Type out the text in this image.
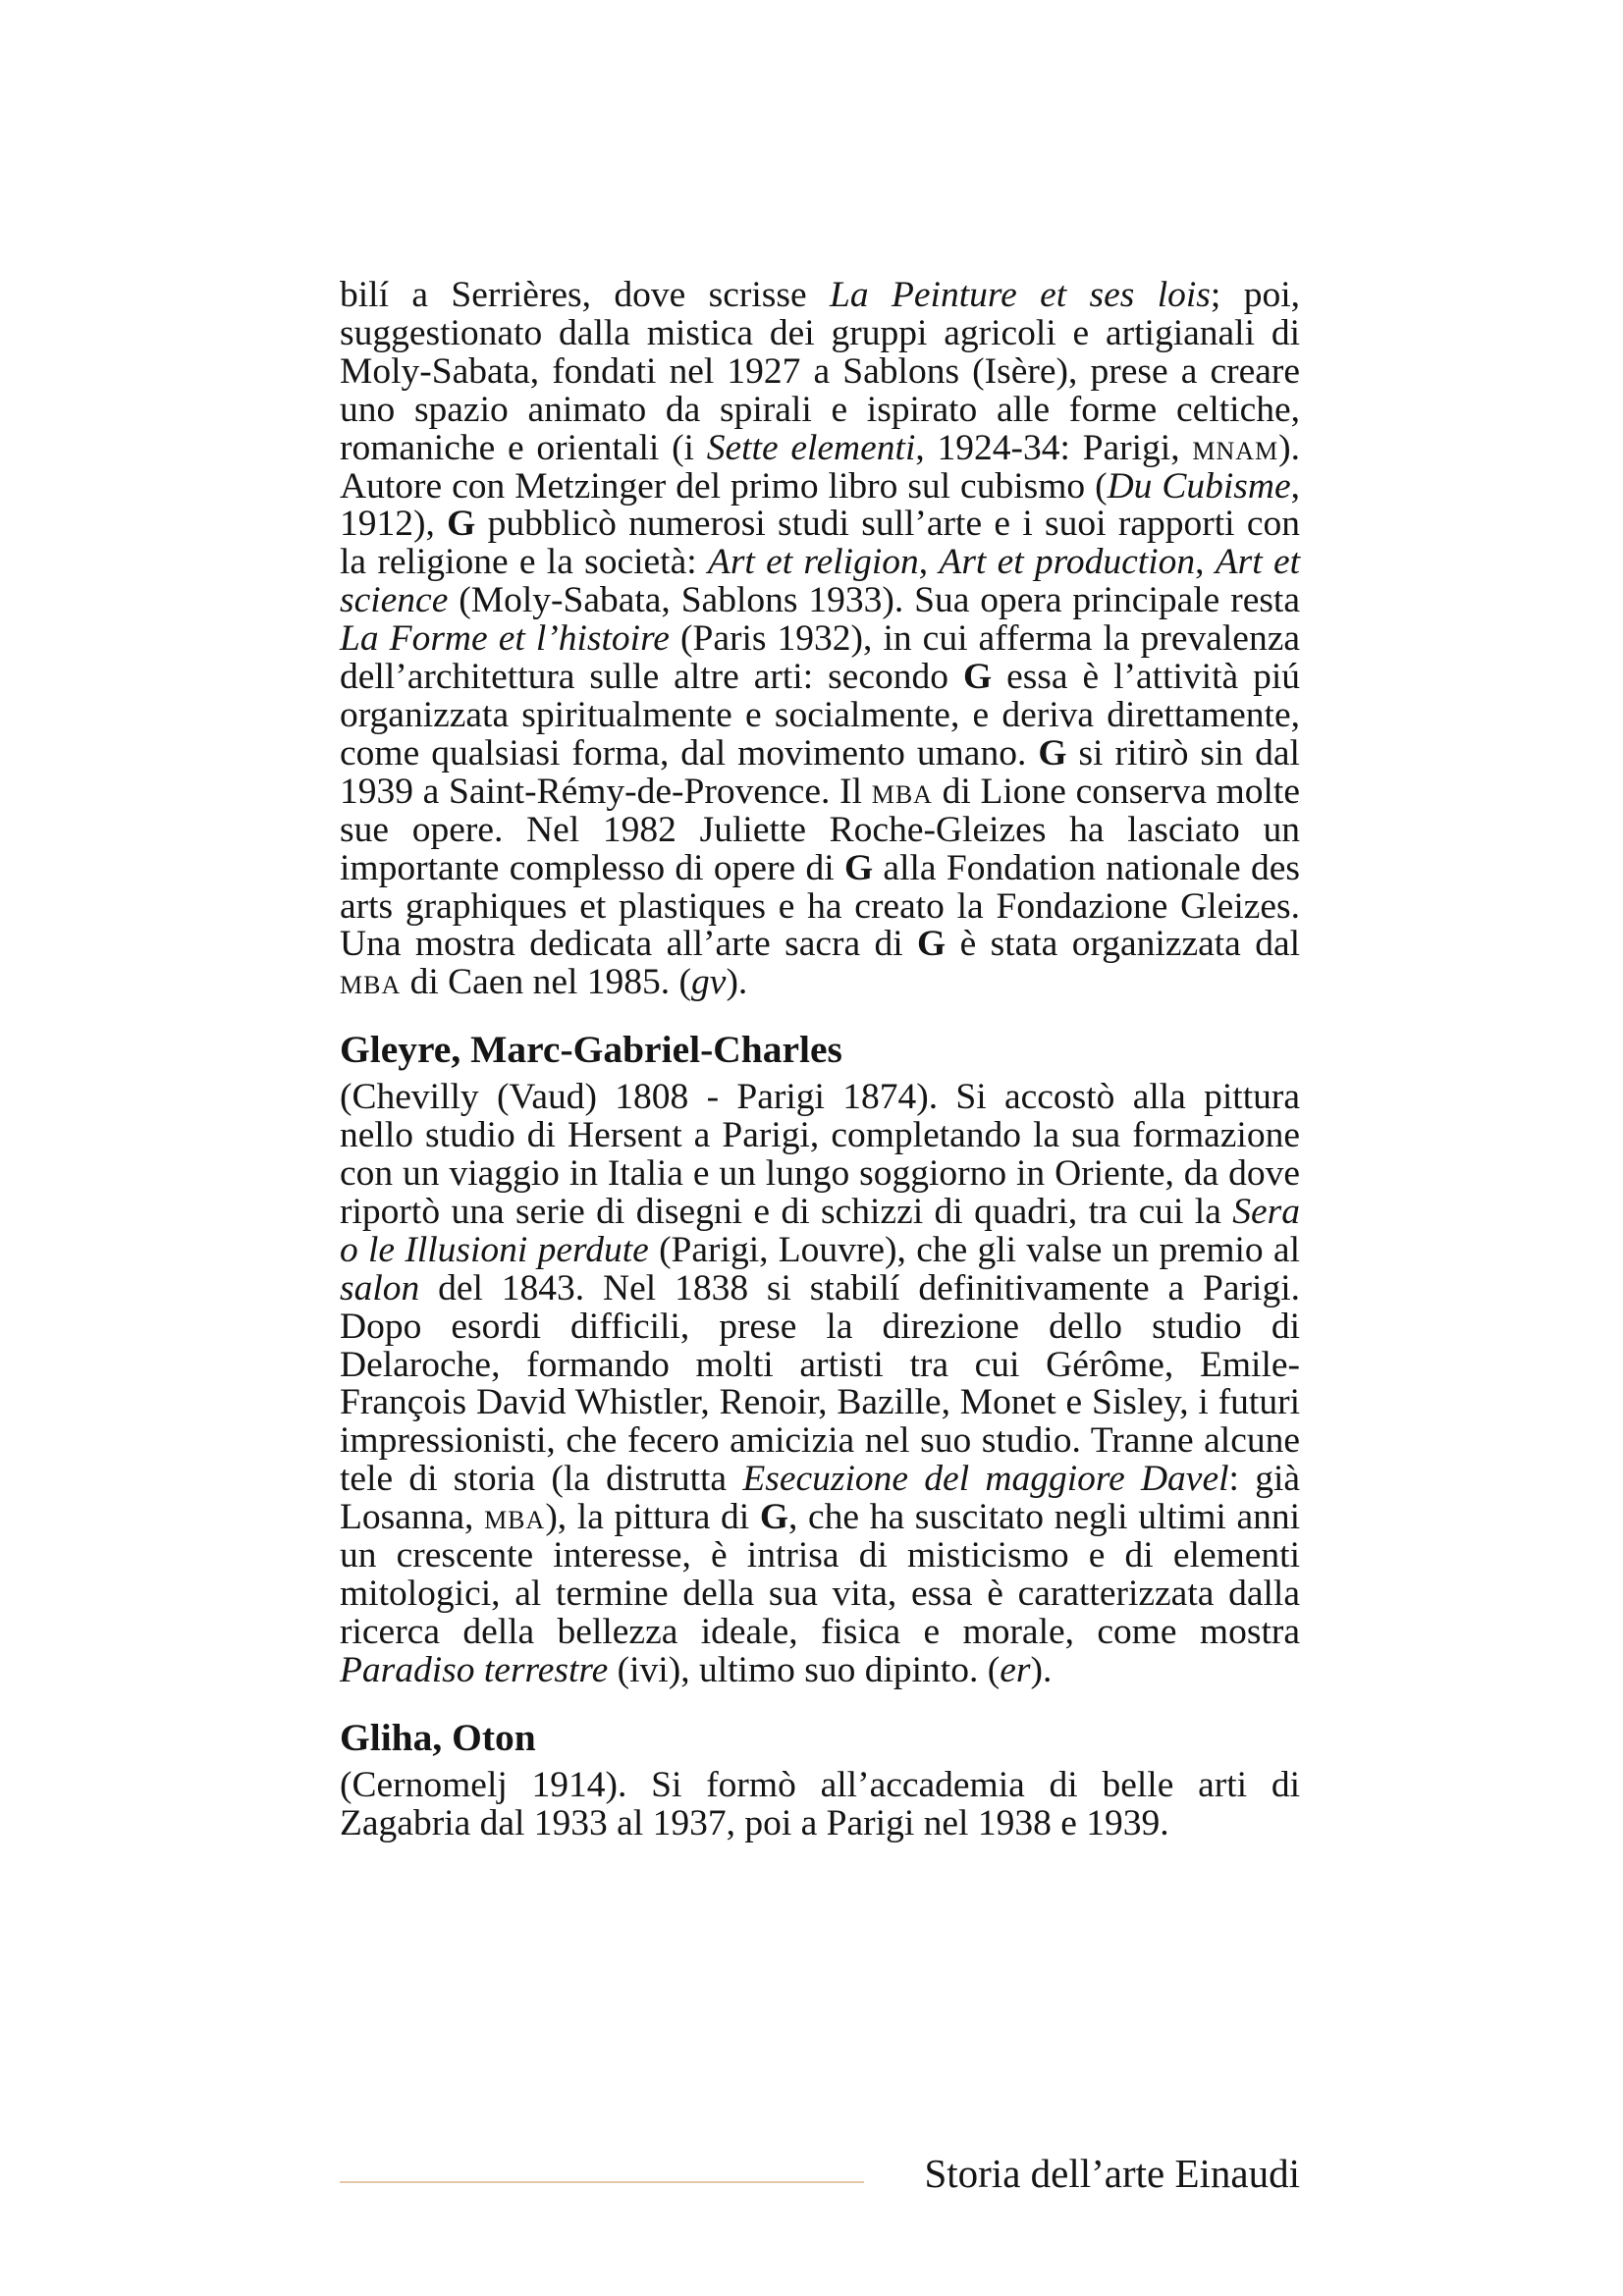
bilí a Serrières, dove scrisse La Peinture et ses lois; poi, suggestionato dalla mistica dei gruppi agricoli e artigianali di Moly-Sabata, fondati nel 1927 a Sablons (Isère), prese a creare uno spazio animato da spirali e ispirato alle forme celtiche, romaniche e orientali (i Sette elementi, 1924-34: Parigi, mnam). Autore con Metzinger del primo libro sul cubismo (Du Cubisme, 1912), G pubblicò numerosi studi sull’arte e i suoi rapporti con la religione e la società: Art et religion, Art et production, Art et science (Moly-Sabata, Sablons 1933). Sua opera principale resta La Forme et l’histoire (Paris 1932), in cui afferma la prevalenza dell’architettura sulle altre arti: secondo G essa è l’attività piú organizzata spiritualmente e socialmente, e deriva direttamente, come qualsiasi forma, dal movimento umano. G si ritirò sin dal 1939 a Saint-Rémy-de-Provence. Il mba di Lione conserva molte sue opere. Nel 1982 Juliette Roche-Gleizes ha lasciato un importante complesso di opere di G alla Fondation nationale des arts graphiques et plastiques e ha creato la Fondazione Gleizes. Una mostra dedicata all’arte sacra di G è stata organizzata dal mba di Caen nel 1985. (gv).

Gleyre, Marc-Gabriel-Charles

(Chevilly (Vaud) 1808 - Parigi 1874). Si accostò alla pittura nello studio di Hersent a Parigi, completando la sua formazione con un viaggio in Italia e un lungo soggiorno in Oriente, da dove riportò una serie di disegni e di schizzi di quadri, tra cui la Sera o le Illusioni perdute (Parigi, Louvre), che gli valse un premio al salon del 1843. Nel 1838 si stabilí definitivamente a Parigi. Dopo esordi difficili, prese la direzione dello studio di Delaroche, formando molti artisti tra cui Gérôme, Emile-François David Whistler, Renoir, Bazille, Monet e Sisley, i futuri impressionisti, che fecero amicizia nel suo studio. Tranne alcune tele di storia (la distrutta Esecuzione del maggiore Davel: già Losanna, mba), la pittura di G, che ha suscitato negli ultimi anni un crescente interesse, è intrisa di misticismo e di elementi mitologici, al termine della sua vita, essa è caratterizzata dalla ricerca della bellezza ideale, fisica e morale, come mostra Paradiso terrestre (ivi), ultimo suo dipinto. (er).

Gliha, Oton

(Cernomelj 1914). Si formò all’accademia di belle arti di Zagabria dal 1933 al 1937, poi a Parigi nel 1938 e 1939.

Storia dell’arte Einaudi
